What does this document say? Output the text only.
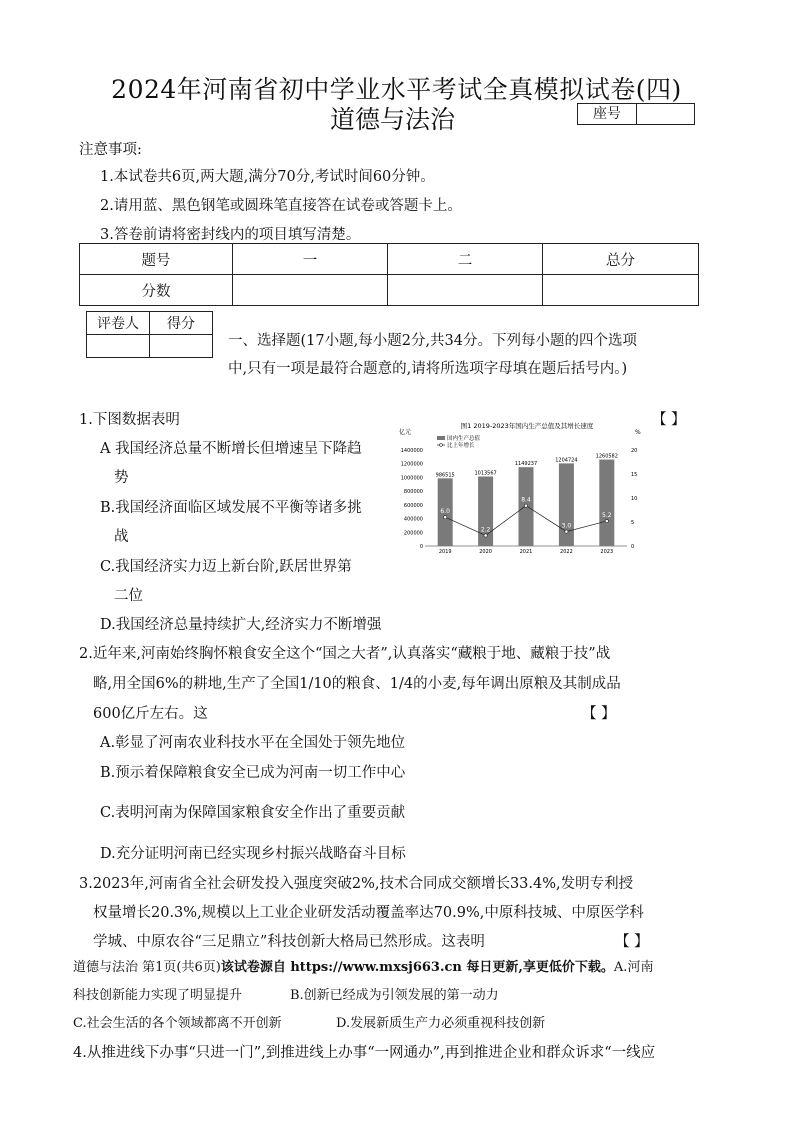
2024年河南省初中学业水平考试全真模拟试卷(四)
道德与法治	座号
注意事项:
1.本试卷共6页,两大题,满分70分,考试时间60分钟。
2.请用蓝、黑色钢笔或圆珠笔直接答在试卷或答题卡上。
3.答卷前请将密封线内的项目填写清楚。
题号	一	二	总分
分数			
评卷人	得分

一、选择题(17小题,每小题2分,共34分。下列每小题的四个选项
中,只有一项是最符合题意的,请将所选项字母填在题后括号内。)
1.下图数据表明	【 】
A 我国经济总量不断增长但增速呈下降趋
势
B.我国经济面临区域发展不平衡等诸多挑
战
C.我国经济实力迈上新台阶,跃居世界第
二位
D.我国经济总量持续扩大,经济实力不断增强
图1 2019-2023年国内生产总值及其增长速度
亿元	%
国内生产总值
比上年增长
0
200000
400000
600000
800000
1000000
1200000
1400000
0
5
10
15
20
986515
2019
1013567
2020
1149237
2021
1204724
2022
1260582
2023
6.0
2.2
8.4
3.0
5.2
2.近年来,河南始终胸怀粮食安全这个“国之大者”,认真落实“藏粮于地、藏粮于技”战
略,用全国6%的耕地,生产了全国1/10的粮食、1/4的小麦,每年调出原粮及其制成品
600亿斤左右。这	【 】
A.彰显了河南农业科技水平在全国处于领先地位
B.预示着保障粮食安全已成为河南一切工作中心
C.表明河南为保障国家粮食安全作出了重要贡献
D.充分证明河南已经实现乡村振兴战略奋斗目标
3.2023年,河南省全社会研发投入强度突破2%,技术合同成交额增长33.4%,发明专利授
权量增长20.3%,规模以上工业企业研发活动覆盖率达70.9%,中原科技城、中原医学科
学城、中原农谷“三足鼎立”科技创新大格局已然形成。这表明	【 】
道德与法治 第1页(共6页)该试卷源自 https://www.mxsj663.cn 每日更新,享更低价下载。A.河南
科技创新能力实现了明显提升	B.创新已经成为引领发展的第一动力
C.社会生活的各个领域都离不开创新	D.发展新质生产力必须重视科技创新
4.从推进线下办事“只进一门”,到推进线上办事“一网通办”,再到推进企业和群众诉求“一线应
